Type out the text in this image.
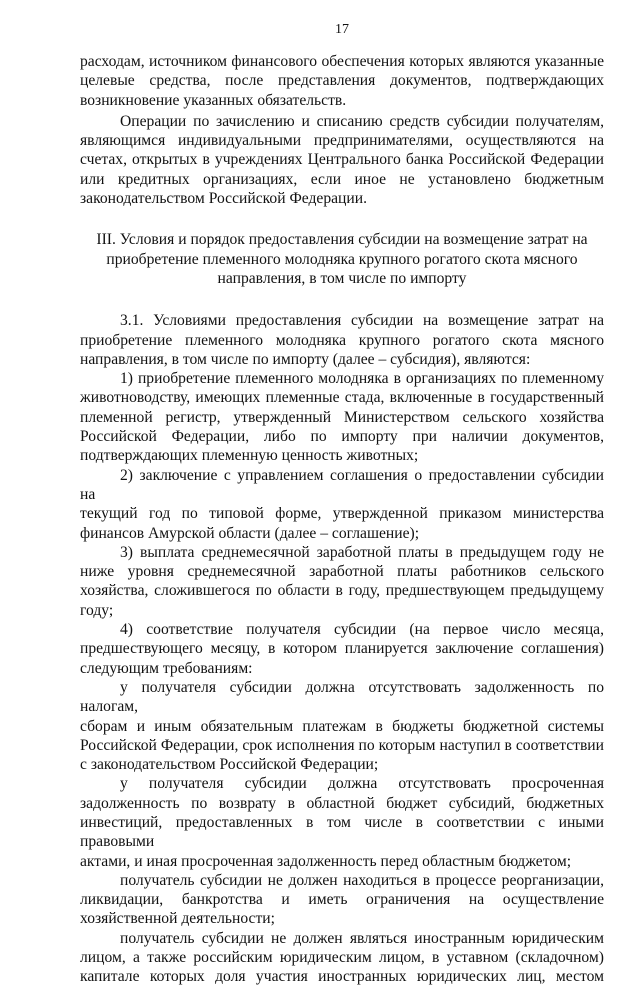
17

расходам, источником финансового обеспечения которых являются указанные

целевые средства, после представления документов, подтверждающих

возникновение указанных обязательств.

Операции по зачислению и списанию средств субсидии получателям,

являющимся индивидуальными предпринимателями, осуществляются на

счетах, открытых в учреждениях Центрального банка Российской Федерации

или кредитных организациях, если иное не установлено бюджетным

законодательством Российской Федерации.

III. Условия и порядок предоставления субсидии на возмещение затрат на

приобретение племенного молодняка крупного рогатого скота мясного

направления, в том числе по импорту

3.1. Условиями предоставления субсидии на возмещение затрат на

приобретение племенного молодняка крупного рогатого скота мясного

направления, в том числе по импорту (далее – субсидия), являются:

1) приобретение племенного молодняка в организациях по племенному

животноводству, имеющих племенные стада, включенные в государственный

племенной регистр, утвержденный Министерством сельского хозяйства

Российской Федерации, либо по импорту при наличии документов,

подтверждающих племенную ценность животных;

2) заключение с управлением соглашения о предоставлении субсидии на

текущий год по типовой форме, утвержденной приказом министерства

финансов Амурской области (далее – соглашение);

3) выплата среднемесячной заработной платы в предыдущем году не

ниже уровня среднемесячной заработной платы работников сельского

хозяйства, сложившегося по области в году, предшествующем предыдущему

году;

4) соответствие получателя субсидии (на первое число месяца,

предшествующего месяцу, в котором планируется заключение соглашения)

следующим требованиям:

у получателя субсидии должна отсутствовать задолженность по налогам,

сборам и иным обязательным платежам в бюджеты бюджетной системы

Российской Федерации, срок исполнения по которым наступил в соответствии

с законодательством Российской Федерации;

у получателя субсидии должна отсутствовать просроченная

задолженность по возврату в областной бюджет субсидий, бюджетных

инвестиций, предоставленных в том числе в соответствии с иными правовыми

актами, и иная просроченная задолженность перед областным бюджетом;

получатель субсидии не должен находиться в процессе реорганизации,

ликвидации, банкротства и иметь ограничения на осуществление

хозяйственной деятельности;

получатель субсидии не должен являться иностранным юридическим

лицом, а также российским юридическим лицом, в уставном (складочном)

капитале которых доля участия иностранных юридических лиц, местом
